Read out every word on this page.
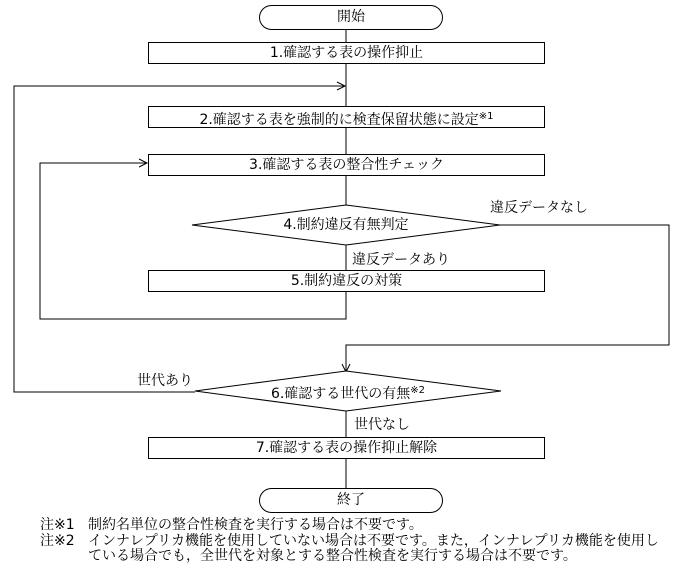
開始
1.確認する表の操作抑止
2.確認する表を強制的に検査保留状態に設定$^{※1}$
3.確認する表の整合性チェック
4.制約違反有無判定
5.制約違反の対策
6.確認する世代の有無$^{※2}$
7.確認する表の操作抑止解除
終了
違反データなし
違反データあり
世代あり
世代なし
注※1 制約名単位の整合性検査を実行する場合は不要です。
注※2 インナレプリカ機能を使用していない場合は不要です。また，インナレプリカ機能を使用している場合でも，全世代を対象とする整合性検査を実行する場合は不要です。
